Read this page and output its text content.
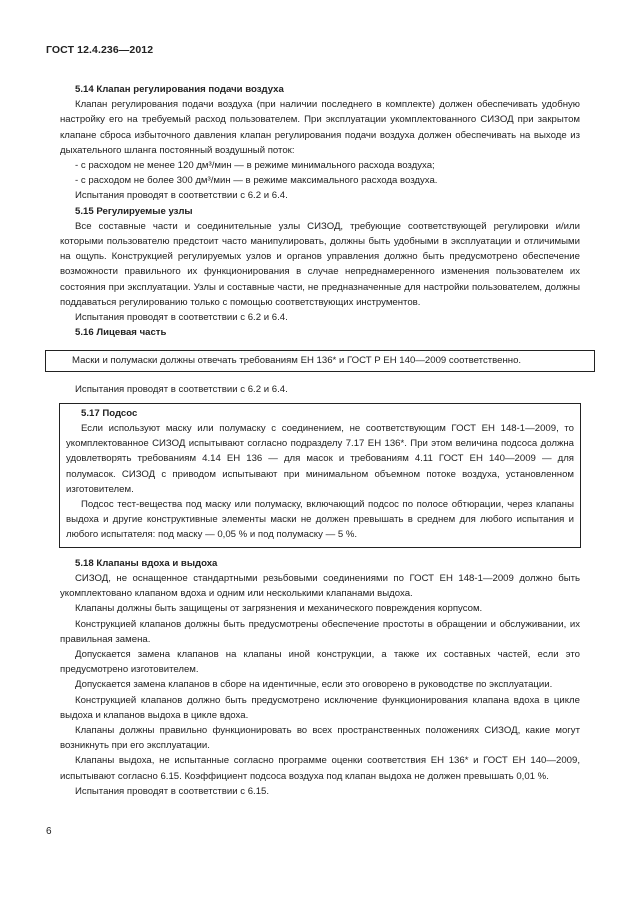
ГОСТ 12.4.236—2012

5.14 Клапан регулирования подачи воздуха

Клапан регулирования подачи воздуха (при наличии последнего в комплекте) должен обеспечивать удобную настройку его на требуемый расход пользователем. При эксплуатации укомплектованного СИЗОД при закрытом клапане сброса избыточного давления клапан регулирования подачи воздуха должен обеспечивать на выходе из дыхательного шланга постоянный воздушный поток:

- с расходом не менее 120 дм³/мин — в режиме минимального расхода воздуха;

- с расходом не более 300 дм³/мин — в режиме максимального расхода воздуха.

Испытания проводят в соответствии с 6.2 и 6.4.

5.15 Регулируемые узлы

Все составные части и соединительные узлы СИЗОД, требующие соответствующей регулировки и/или которыми пользователю предстоит часто манипулировать, должны быть удобными в эксплуатации и отличимыми на ощупь. Конструкцией регулируемых узлов и органов управления должно быть предусмотрено обеспечение возможности правильного их функционирования в случае непреднамеренного изменения пользователем их состояния при эксплуатации. Узлы и составные части, не предназначенные для настройки пользователем, должны поддаваться регулированию только с помощью соответствующих инструментов.

Испытания проводят в соответствии с 6.2 и 6.4.

5.16 Лицевая часть

Маски и полумаски должны отвечать требованиям ЕН 136* и ГОСТ Р ЕН 140—2009 соответственно.

Испытания проводят в соответствии с 6.2 и 6.4.

5.17 Подсос

Если используют маску или полумаску с соединением, не соответствующим ГОСТ ЕН 148-1—2009, то укомплектованное СИЗОД испытывают согласно подразделу 7.17 ЕН 136*. При этом величина подсоса должна удовлетворять требованиям 4.14 ЕН 136 — для масок и требованиям 4.11 ГОСТ ЕН 140—2009 — для полумасок. СИЗОД с приводом испытывают при минимальном объемном потоке воздуха, установленном изготовителем.

Подсос тест-вещества под маску или полумаску, включающий подсос по полосе обтюрации, через клапаны выдоха и другие конструктивные элементы маски не должен превышать в среднем для любого испытания и любого испытателя: под маску — 0,05 % и под полумаску — 5 %.

5.18 Клапаны вдоха и выдоха

СИЗОД, не оснащенное стандартными резьбовыми соединениями по ГОСТ ЕН 148-1—2009 должно быть укомплектовано клапаном вдоха и одним или несколькими клапанами выдоха.

Клапаны должны быть защищены от загрязнения и механического повреждения корпусом.

Конструкцией клапанов должны быть предусмотрены обеспечение простоты в обращении и обслуживании, их правильная замена.

Допускается замена клапанов на клапаны иной конструкции, а также их составных частей, если это предусмотрено изготовителем.

Допускается замена клапанов в сборе на идентичные, если это оговорено в руководстве по эксплуатации.

Конструкцией клапанов должно быть предусмотрено исключение функционирования клапана вдоха в цикле выдоха и клапанов выдоха в цикле вдоха.

Клапаны должны правильно функционировать во всех пространственных положениях СИЗОД, какие могут возникнуть при его эксплуатации.

Клапаны выдоха, не испытанные согласно программе оценки соответствия ЕН 136* и ГОСТ ЕН 140—2009, испытывают согласно 6.15. Коэффициент подсоса воздуха под клапан выдоха не должен превышать 0,01 %.

Испытания проводят в соответствии с 6.15.

6
